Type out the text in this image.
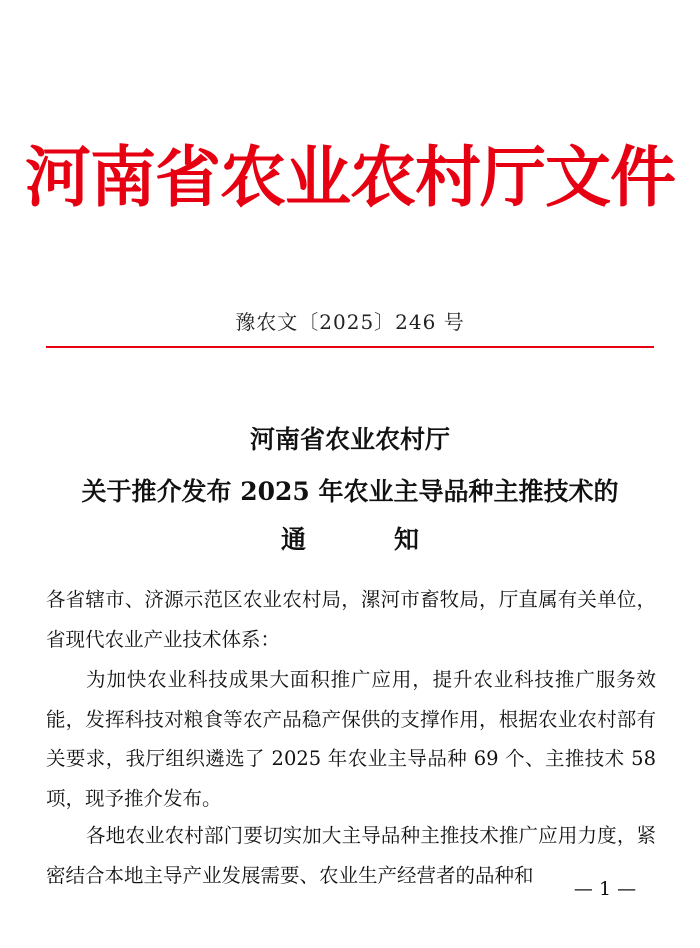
河南省农业农村厅文件
豫农文〔2025〕246 号
河南省农业农村厅
关于推介发布 2025 年农业主导品种主推技术的
通	知
各省辖市、济源示范区农业农村局，漯河市畜牧局，厅直属有关单位，省现代农业产业技术体系：
为加快农业科技成果大面积推广应用，提升农业科技推广服务效能，发挥科技对粮食等农产品稳产保供的支撑作用，根据农业农村部有关要求，我厅组织遴选了 2025 年农业主导品种 69 个、主推技术 58 项，现予推介发布。
各地农业农村部门要切实加大主导品种主推技术推广应用力度，紧密结合本地主导产业发展需要、农业生产经营者的品种和
— 1 —
